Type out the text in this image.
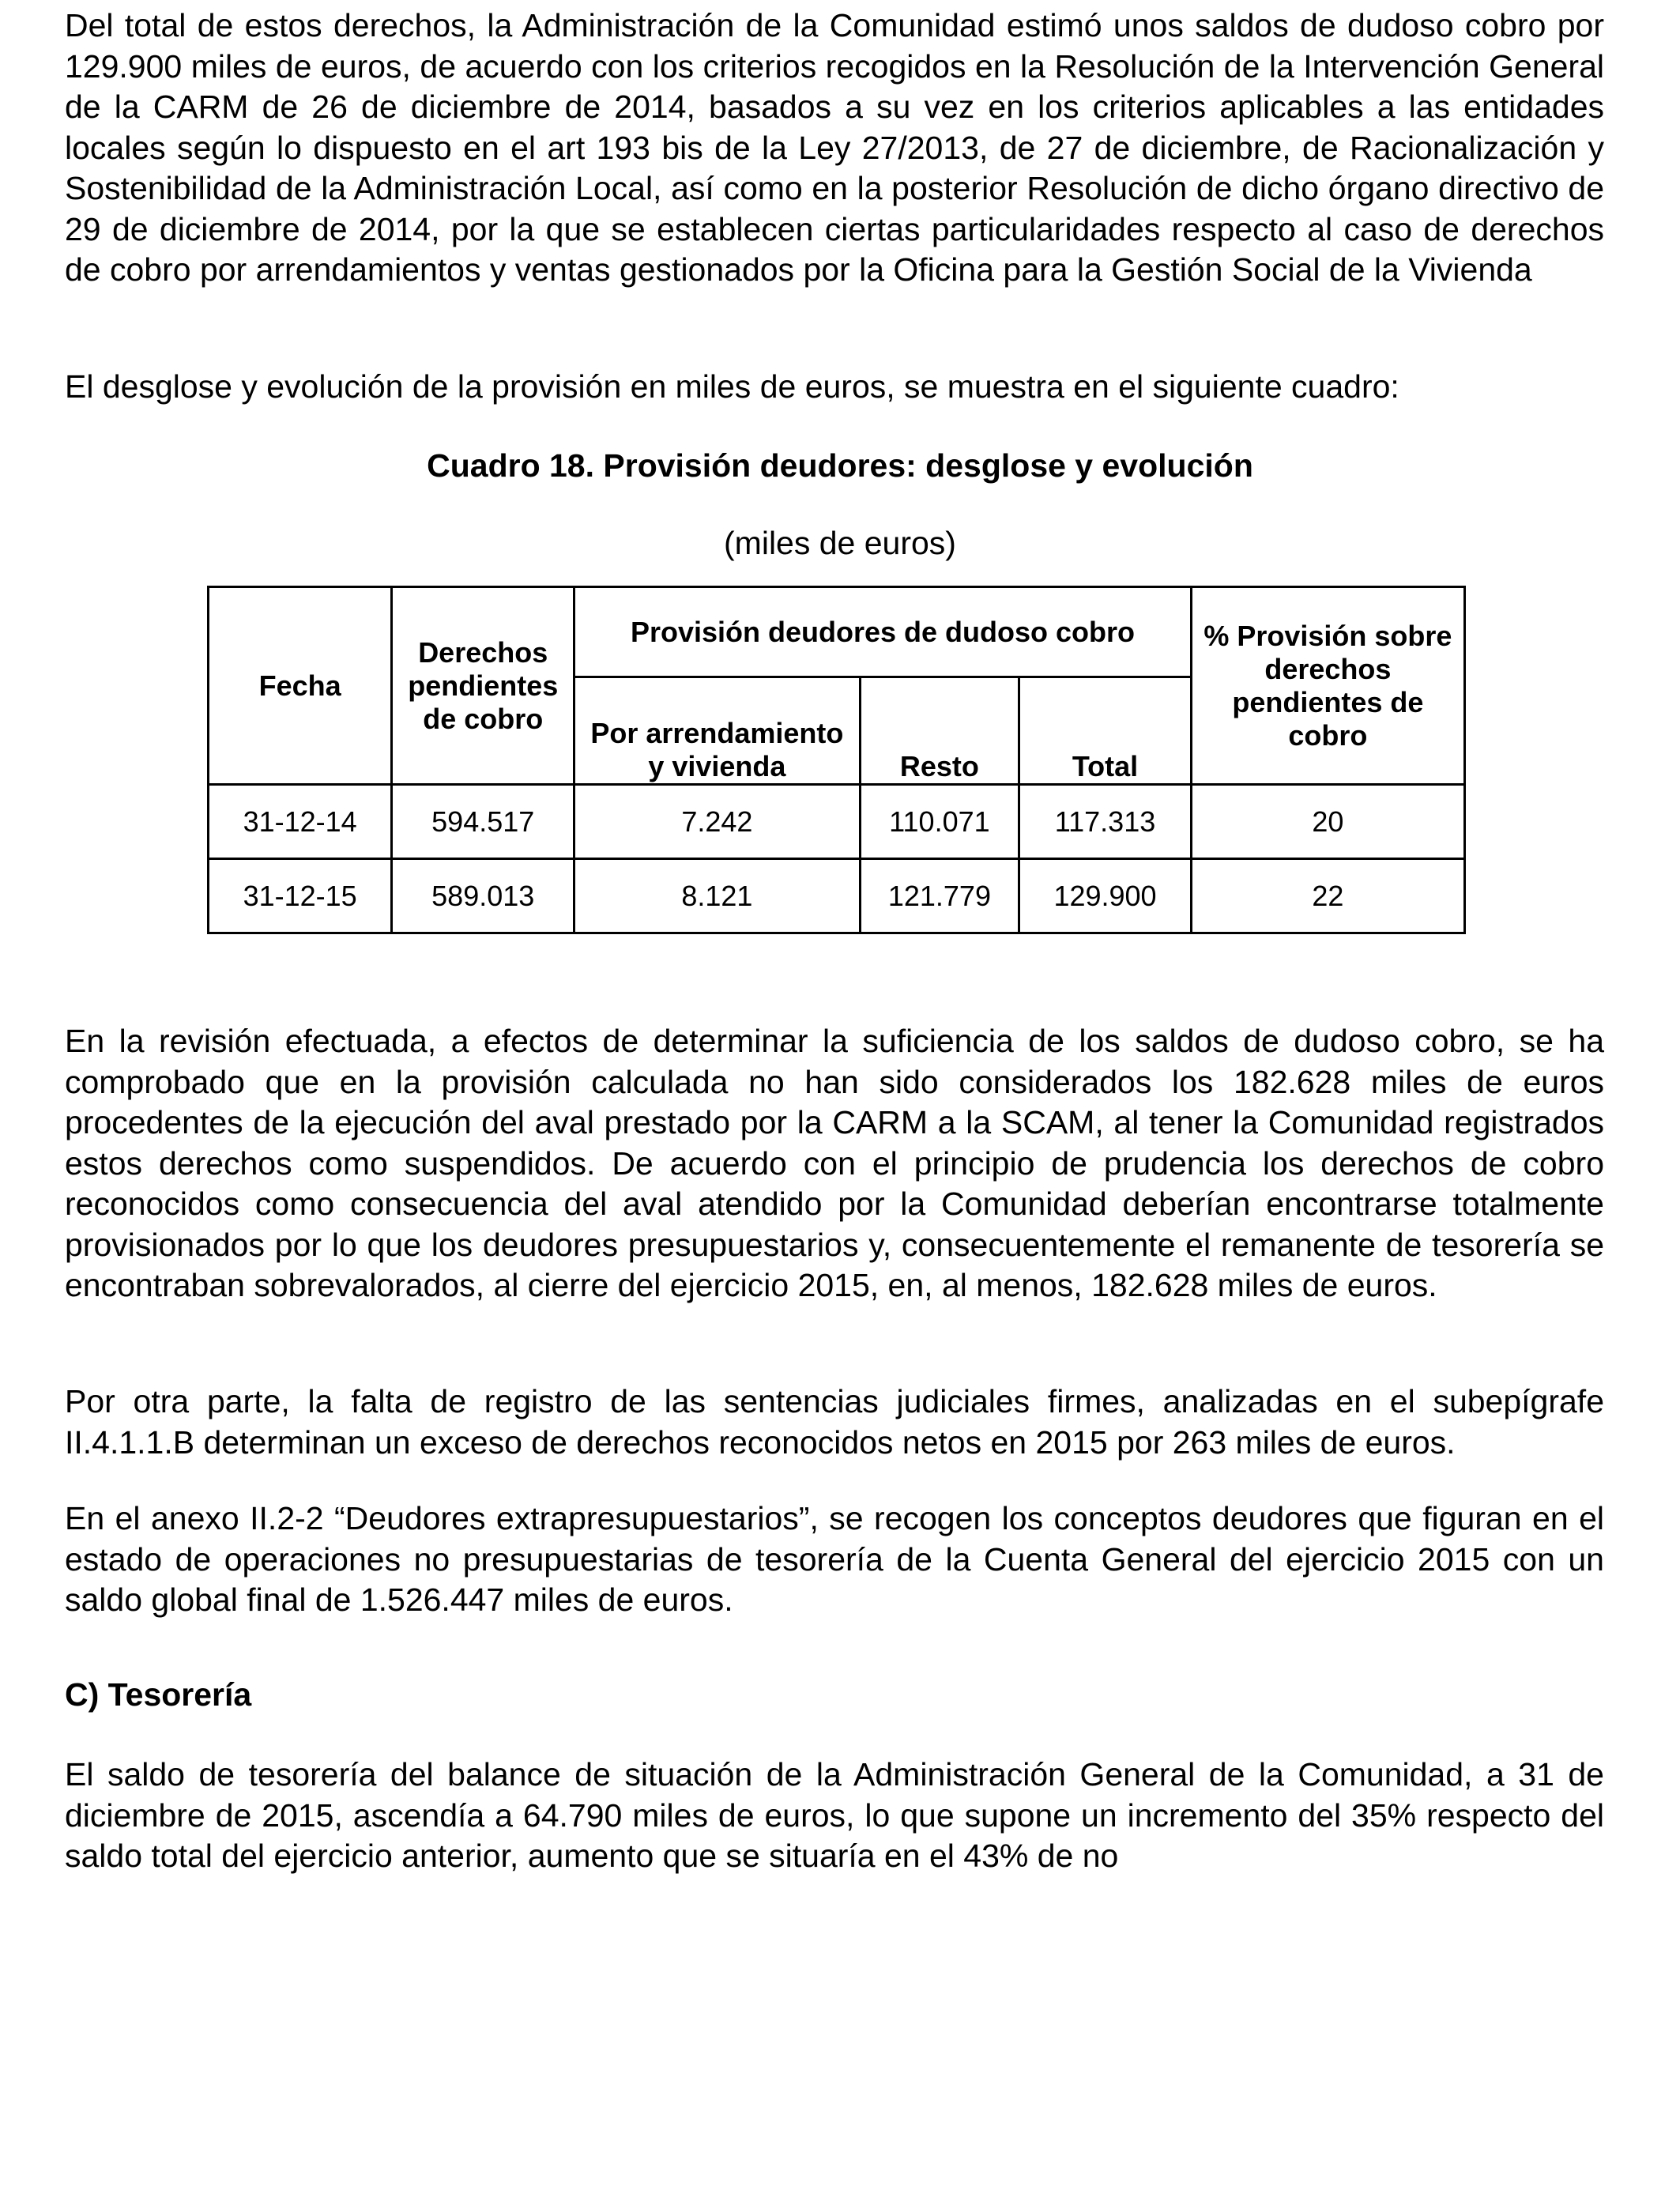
Del total de estos derechos, la Administración de la Comunidad estimó unos saldos de dudoso cobro por 129.900 miles de euros, de acuerdo con los criterios recogidos en la Resolución de la Intervención General de la CARM de 26 de diciembre de 2014, basados a su vez en los criterios aplicables a las entidades locales según lo dispuesto en el art 193 bis de la Ley 27/2013, de 27 de diciembre, de Racionalización y Sostenibilidad de la Administración Local, así como en la posterior Resolución de dicho órgano directivo de 29 de diciembre de 2014, por la que se establecen ciertas particularidades respecto al caso de derechos de cobro por arrendamientos y ventas gestionados por la Oficina para la Gestión Social de la Vivienda

El desglose y evolución de la provisión en miles de euros, se muestra en el siguiente cuadro:

Cuadro 18. Provisión deudores: desglose y evolución
(miles de euros)
Fecha	Derechos pendientes de cobro	Provisión deudores de dudoso cobro			% Provisión sobre derechos pendientes de cobro
		Por arrendamiento y vivienda	Resto	Total	
31-12-14	594.517	7.242	110.071	117.313	20
31-12-15	589.013	8.121	121.779	129.900	22

En la revisión efectuada, a efectos de determinar la suficiencia de los saldos de dudoso cobro, se ha comprobado que en la provisión calculada no han sido considerados los 182.628 miles de euros procedentes de la ejecución del aval prestado por la CARM a la SCAM, al tener la Comunidad registrados estos derechos como suspendidos. De acuerdo con el principio de prudencia los derechos de cobro reconocidos como consecuencia del aval atendido por la Comunidad deberían encontrarse totalmente provisionados por lo que los deudores presupuestarios y, consecuentemente el remanente de tesorería se encontraban sobrevalorados, al cierre del ejercicio 2015, en, al menos, 182.628 miles de euros.

Por otra parte, la falta de registro de las sentencias judiciales firmes, analizadas en el subepígrafe II.4.1.1.B determinan un exceso de derechos reconocidos netos en 2015 por 263 miles de euros.

En el anexo II.2-2 “Deudores extrapresupuestarios”, se recogen los conceptos deudores que figuran en el estado de operaciones no presupuestarias de tesorería de la Cuenta General del ejercicio 2015 con un saldo global final de 1.526.447 miles de euros.

C) Tesorería

El saldo de tesorería del balance de situación de la Administración General de la Comunidad, a 31 de diciembre de 2015, ascendía a 64.790 miles de euros, lo que supone un incremento del 35% respecto del saldo total del ejercicio anterior, aumento que se situaría en el 43% de no
